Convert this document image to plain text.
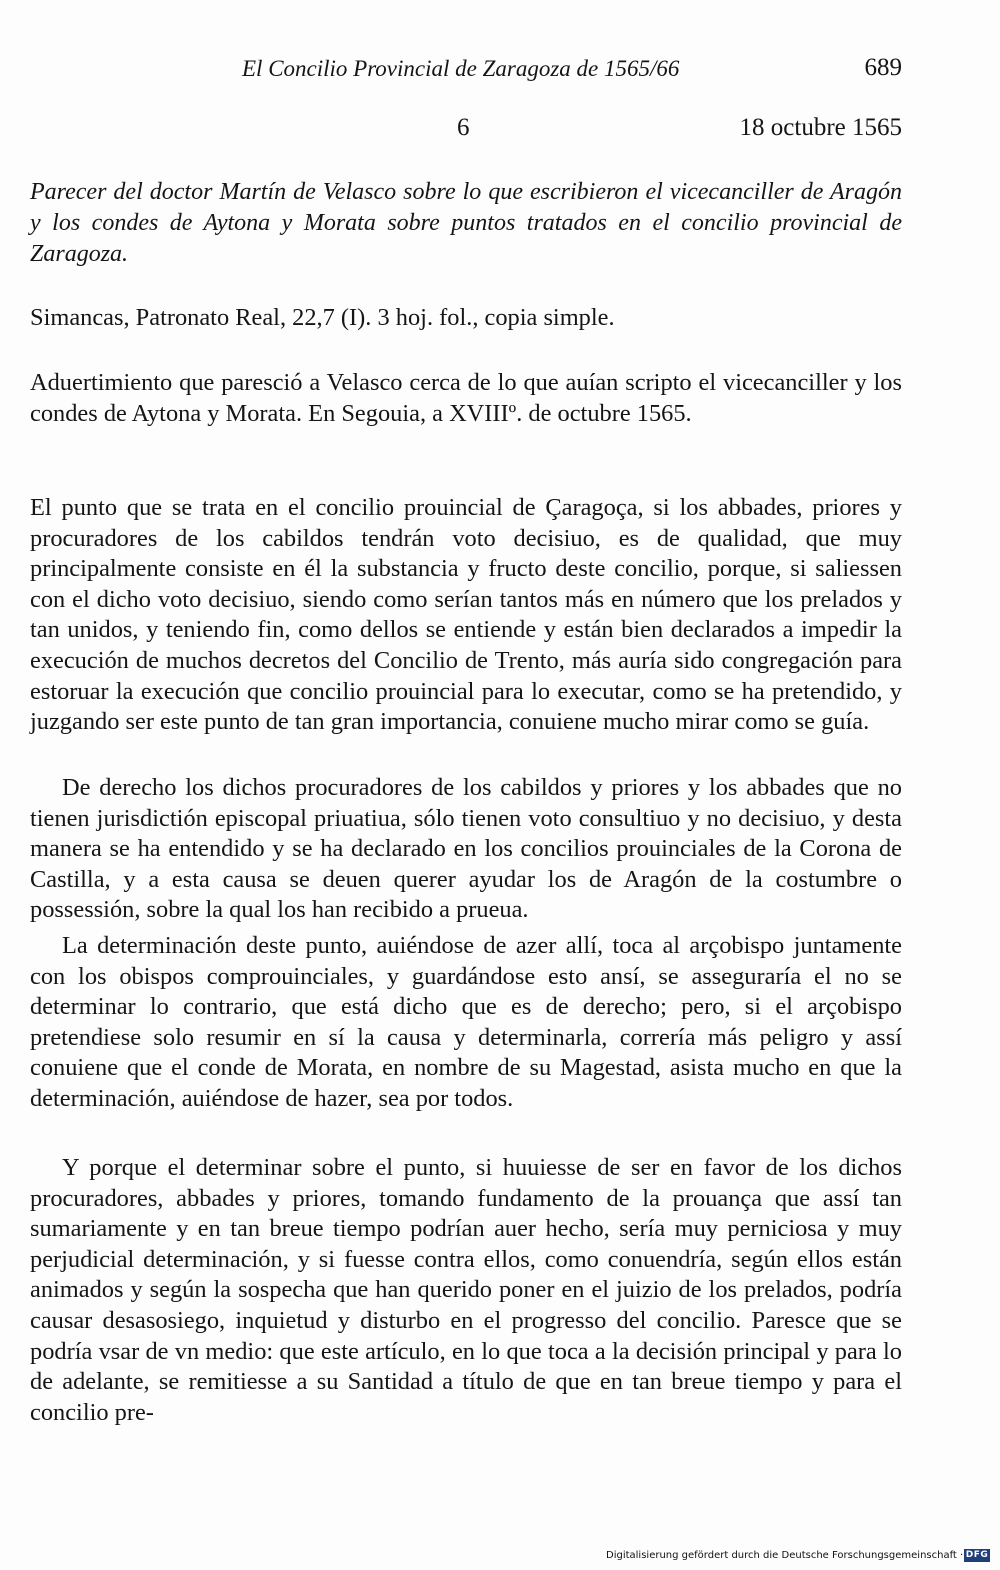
El Concilio Provincial de Zaragoza de 1565/66	689
6	18 octubre 1565

Parecer del doctor Martín de Velasco sobre lo que escribieron el vicecanciller de Aragón y los condes de Aytona y Morata sobre puntos tratados en el concilio provincial de Zaragoza.

Simancas, Patronato Real, 22,7 (I). 3 hoj. fol., copia simple.

Aduertimiento que paresció a Velasco cerca de lo que auían scripto el vicecanciller y los condes de Aytona y Morata. En Segouia, a XVIIIº. de octubre 1565.

El punto que se trata en el concilio prouincial de Çaragoça, si los abbades, priores y procuradores de los cabildos tendrán voto decisiuo, es de qualidad, que muy principalmente consiste en él la substancia y fructo deste concilio, porque, si saliessen con el dicho voto decisiuo, siendo como serían tantos más en número que los prelados y tan unidos, y teniendo fin, como dellos se entiende y están bien declarados a impedir la execución de muchos decretos del Concilio de Trento, más auría sido congregación para estoruar la execución que concilio prouincial para lo executar, como se ha pretendido, y juzgando ser este punto de tan gran importancia, conuiene mucho mirar como se guía.

De derecho los dichos procuradores de los cabildos y priores y los abbades que no tienen jurisdictión episcopal priuatiua, sólo tienen voto consultiuo y no decisiuo, y desta manera se ha entendido y se ha declarado en los concilios prouinciales de la Corona de Castilla, y a esta causa se deuen querer ayudar los de Aragón de la costumbre o possessión, sobre la qual los han recibido a prueua.

La determinación deste punto, auiéndose de azer allí, toca al arçobispo juntamente con los obispos comprouinciales, y guardándose esto ansí, se asseguraría el no se determinar lo contrario, que está dicho que es de derecho; pero, si el arçobispo pretendiese solo resumir en sí la causa y determinarla, correría más peligro y assí conuiene que el conde de Morata, en nombre de su Magestad, asista mucho en que la determinación, auiéndose de hazer, sea por todos.

Y porque el determinar sobre el punto, si huuiesse de ser en favor de los dichos procuradores, abbades y priores, tomando fundamento de la prouança que assí tan sumariamente y en tan breue tiempo podrían auer hecho, sería muy perniciosa y muy perjudicial determinación, y si fuesse contra ellos, como conuendría, según ellos están animados y según la sospecha que han querido poner en el juizio de los prelados, podría causar desasosiego, inquietud y disturbo en el progresso del concilio. Paresce que se podría vsar de vn medio: que este artículo, en lo que toca a la decisión principal y para lo de adelante, se remitiesse a su Santidad a título de que en tan breue tiempo y para el concilio pre-

Digitalisierung gefördert durch die Deutsche Forschungsgemeinschaft · DFG
